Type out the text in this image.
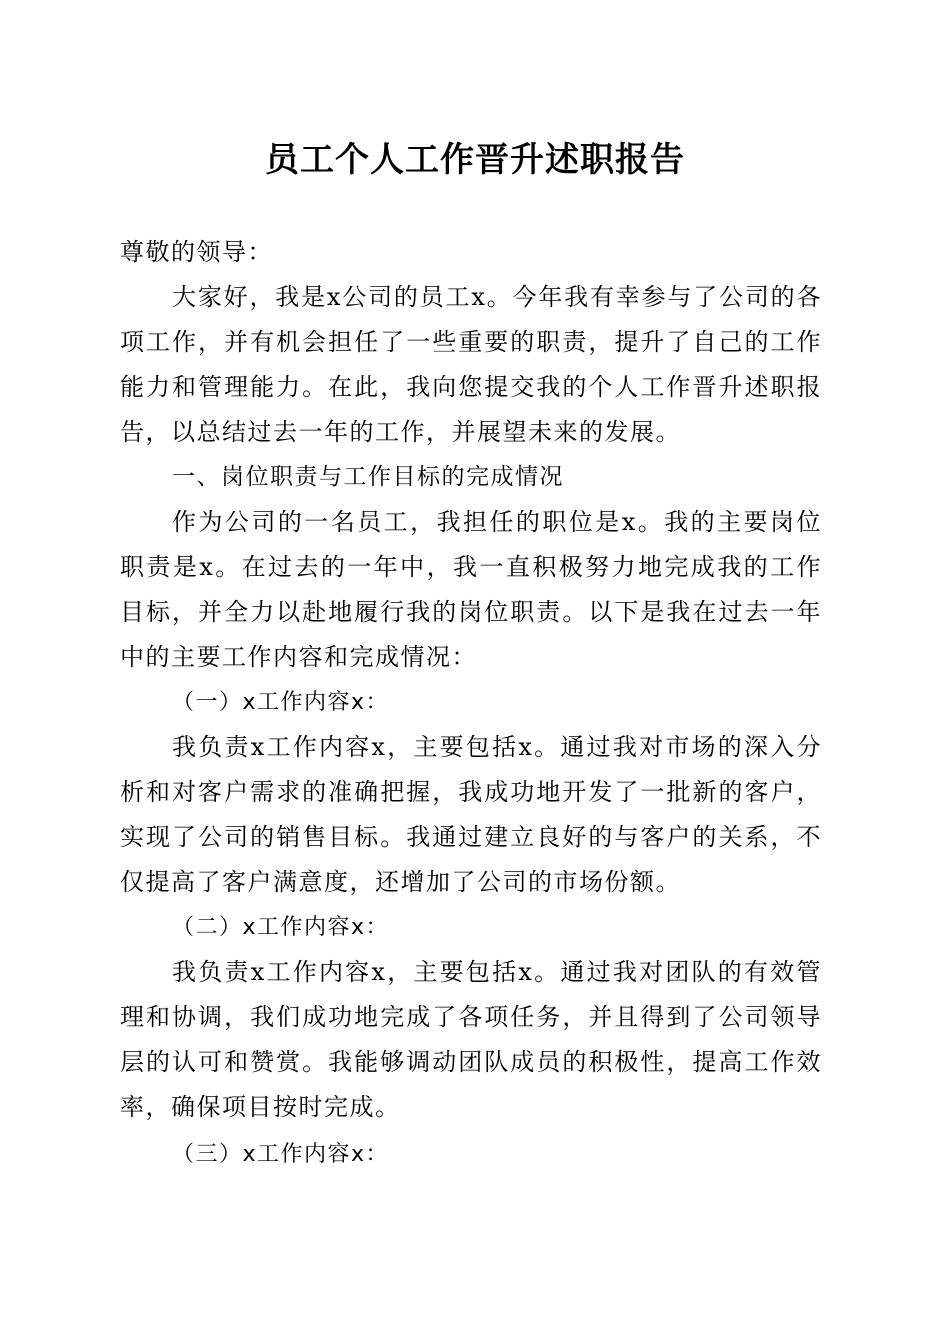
员工个人工作晋升述职报告

尊敬的领导：

大家好，我是x公司的员工x。今年我有幸参与了公司的各项工作，并有机会担任了一些重要的职责，提升了自己的工作能力和管理能力。在此，我向您提交我的个人工作晋升述职报告，以总结过去一年的工作，并展望未来的发展。

一、岗位职责与工作目标的完成情况

作为公司的一名员工，我担任的职位是x。我的主要岗位职责是x。在过去的一年中，我一直积极努力地完成我的工作目标，并全力以赴地履行我的岗位职责。以下是我在过去一年中的主要工作内容和完成情况：

（一）x工作内容x：

我负责x工作内容x，主要包括x。通过我对市场的深入分析和对客户需求的准确把握，我成功地开发了一批新的客户，实现了公司的销售目标。我通过建立良好的与客户的关系，不仅提高了客户满意度，还增加了公司的市场份额。

（二）x工作内容x：

我负责x工作内容x，主要包括x。通过我对团队的有效管理和协调，我们成功地完成了各项任务，并且得到了公司领导层的认可和赞赏。我能够调动团队成员的积极性，提高工作效率，确保项目按时完成。

（三）x工作内容x：
